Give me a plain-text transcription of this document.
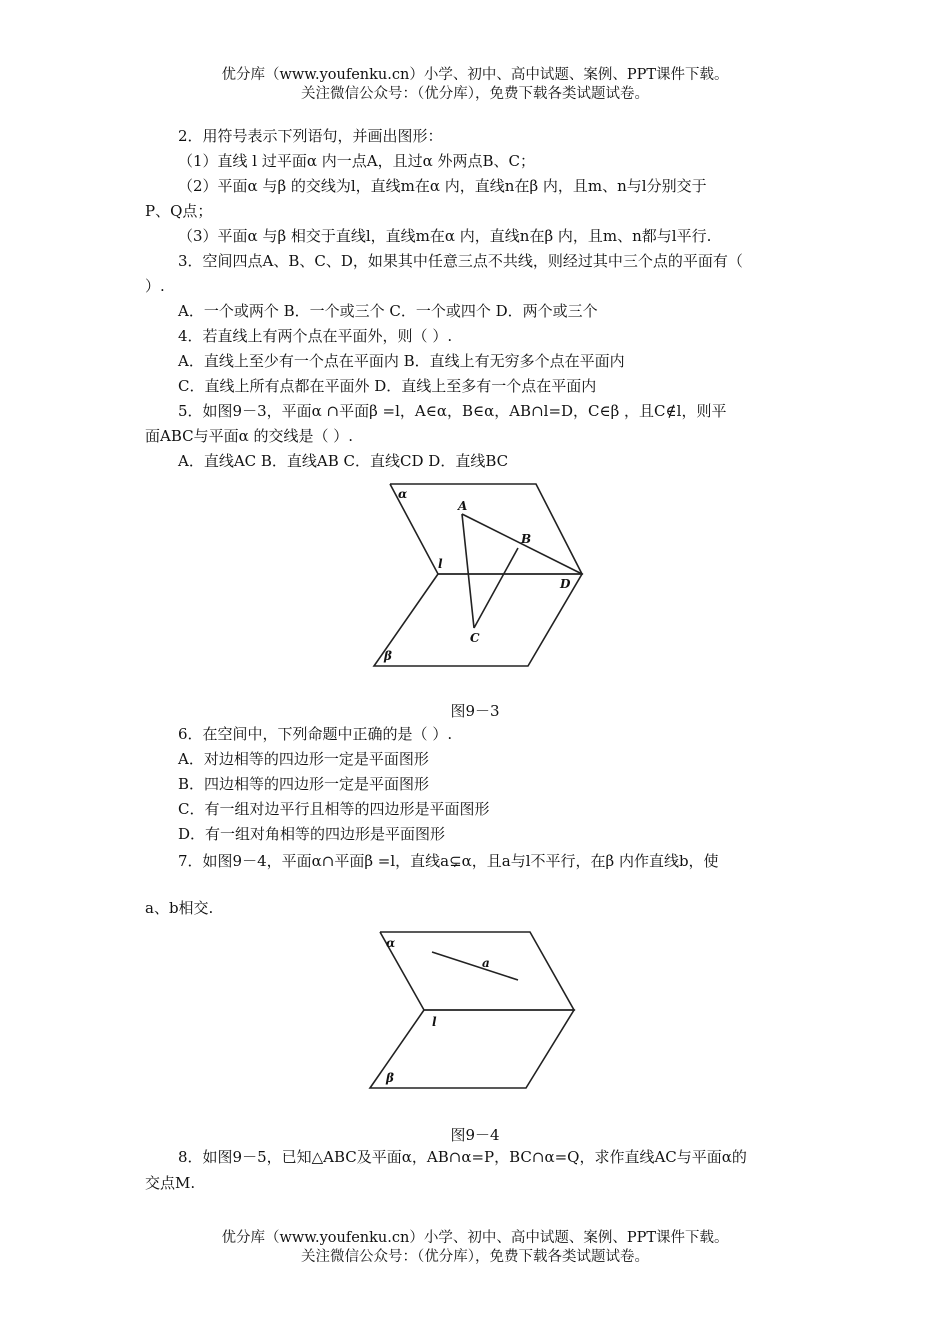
优分库（www.youfenku.cn）小学、初中、高中试题、案例、PPT课件下载。
关注微信公众号：（优分库），免费下载各类试题试卷。
2．用符号表示下列语句，并画出图形：
（1）直线 l 过平面α 内一点A，且过α 外两点B、C；
（2）平面α 与β 的交线为l，直线m在α 内，直线n在β 内，且m、n与l分别交于
P、Q点；
（3）平面α 与β 相交于直线l，直线m在α 内，直线n在β 内，且m、n都与l平行.
3．空间四点A、B、C、D，如果其中任意三点不共线，则经过其中三个点的平面有（
）.
A．一个或两个 B．一个或三个 C．一个或四个 D．两个或三个
4．若直线上有两个点在平面外，则（ ）.
A．直线上至少有一个点在平面内 B．直线上有无穷多个点在平面内
C．直线上所有点都在平面外 D．直线上至多有一个点在平面内
5．如图9－3，平面α ∩平面β =l，A∈α，B∈α，AB∩l=D，C∈β ，且C∉l，则平
面ABC与平面α 的交线是（ ）.
A．直线AC B．直线AB C．直线CD D．直线BC
α
β
l
A
B
C
D
图9－3
6．在空间中，下列命题中正确的是（ ）.
A．对边相等的四边形一定是平面图形
B．四边相等的四边形一定是平面图形
C．有一组对边平行且相等的四边形是平面图形
D．有一组对角相等的四边形是平面图形
7．如图9－4，平面α∩平面β =l，直线a⊊α，且a与l不平行，在β 内作直线b，使
a、b相交.
α
β
l
a
图9－4
8．如图9－5，已知△ABC及平面α，AB∩α=P，BC∩α=Q，求作直线AC与平面α的
交点M.
优分库（www.youfenku.cn）小学、初中、高中试题、案例、PPT课件下载。
关注微信公众号：（优分库），免费下载各类试题试卷。
